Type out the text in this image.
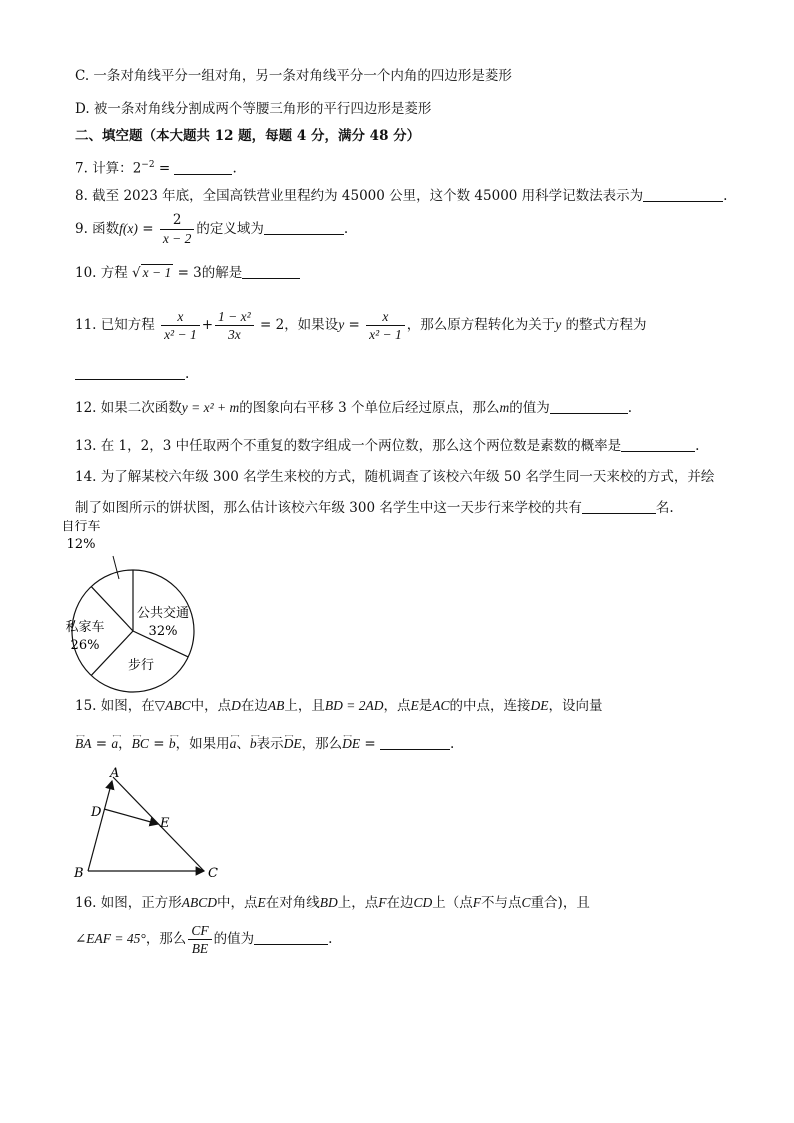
C. 一条对角线平分一组对角，另一条对角线平分一个内角的四边形是菱形
D. 被一条对角线分割成两个等腰三角形的平行四边形是菱形
二、填空题（本大题共 12 题，每题 4 分，满分 48 分）
7. 计算：$2^{-2}$ =	.
8. 截至 2023 年底，全国高铁营业里程约为 45000 公里，这个数 45000 用科学记数法表示为	.
9. 函数$f(x) = \frac{2}{x - 2}$ 的定义域为	.
10. 方程 √ x − 1 = 3的解是
11. 已知方程 $\frac{x}{\text{x² − 1}} + \frac{\text{1 − x²}}{3x} = 2$，如果设$y = \frac{x}{\text{x² − 1}}$ ，那么原方程转化为关于y 的整式方程为
.
12. 如果二次函数y = x² + m的图象向右平移 3 个单位后经过原点，那么m的值为	.
13. 在 1，2，3 中任取两个不重复的数字组成一个两位数，那么这个两位数是素数的概率是	.
14. 为了解某校六年级 300 名学生来校的方式，随机调查了该校六年级 50 名学生同一天来校的方式，并绘
制了如图所示的饼状图，那么估计该校六年级 300 名学生中这一天步行来学校的共有	名.
公共交通
32%
步行
私家车
26%
自行车
12%
15. 如图，在▽ABC中，点D在边AB上，且BD = 2AD，点E是AC的中点，连接DE，设向量
←→ BA = ←→ a，←→ BC = ←→ b，如果用←→ a、←→ b表示←→ DE，那么←→ DE =	.
A
D
E
B	C
16. 如图，正方形ABCD中，点E在对角线BD上，点F在边CD上（点F不与点C重合)，且
∠EAF = 45°，那么 $\frac{CF}{BE}$ 的值为	.
